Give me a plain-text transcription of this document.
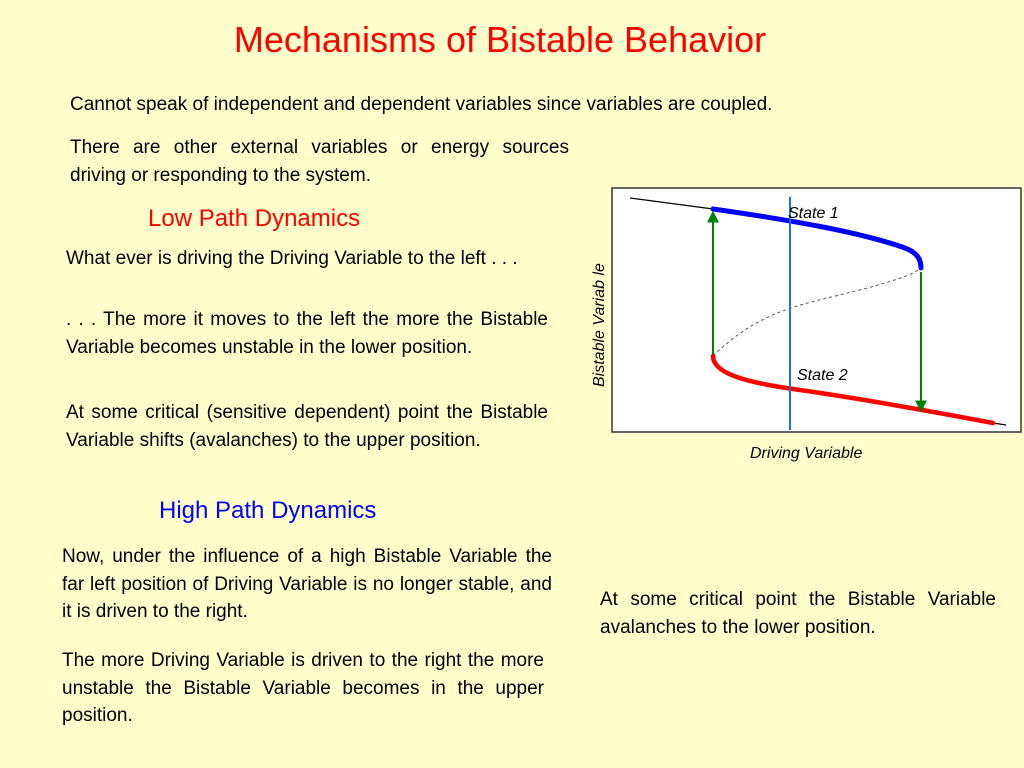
Mechanisms of Bistable Behavior
Cannot speak of independent and dependent variables since variables are coupled.
There are other external variables or energy sources driving or responding to the system.
Low Path Dynamics
What ever is driving the Driving Variable to the left . . .
. . . The more it moves to the left the more the Bistable Variable becomes unstable in the lower position.
At some critical (sensitive dependent) point the Bistable Variable shifts (avalanches) to the upper position.
High Path Dynamics
Now, under the influence of a high Bistable Variable the far left position of Driving Variable is no longer stable, and it is driven to the right.
The more Driving Variable is driven to the right the more unstable the Bistable Variable becomes in the upper position.
At some critical point the Bistable Variable avalanches to the lower position.
State 1
State 2
Driving Variable
Bistable Variab le
